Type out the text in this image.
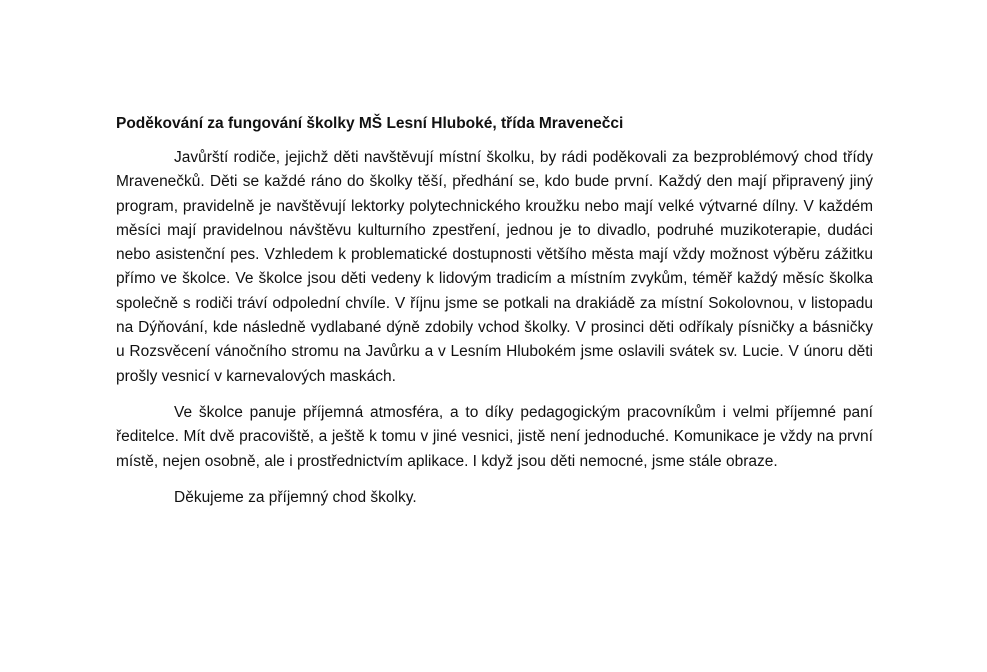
Poděkování za fungování školky MŠ Lesní Hluboké, třída Mravenečci

Javůrští rodiče, jejichž děti navštěvují místní školku, by rádi poděkovali za bezproblémový chod třídy Mravenečků. Děti se každé ráno do školky těší, předhání se, kdo bude první. Každý den mají připravený jiný program, pravidelně je navštěvují lektorky polytechnického kroužku nebo mají velké výtvarné dílny. V každém měsíci mají pravidelnou návštěvu kulturního zpestření, jednou je to divadlo, podruhé muzikoterapie, dudáci nebo asistenční pes. Vzhledem k problematické dostupnosti většího města mají vždy možnost výběru zážitku přímo ve školce. Ve školce jsou děti vedeny k lidovým tradicím a místním zvykům, téměř každý měsíc školka společně s rodiči tráví odpolední chvíle. V říjnu jsme se potkali na drakiádě za místní Sokolovnou, v listopadu na Dýňování, kde následně vydlabané dýně zdobily vchod školky. V prosinci děti odříkaly písničky a básničky u Rozsvěcení vánočního stromu na Javůrku a v Lesním Hlubokém jsme oslavili svátek sv. Lucie. V únoru děti prošly vesnicí v karnevalových maskách.

Ve školce panuje příjemná atmosféra, a to díky pedagogickým pracovníkům i velmi příjemné paní ředitelce. Mít dvě pracoviště, a ještě k tomu v jiné vesnici, jistě není jednoduché. Komunikace je vždy na první místě, nejen osobně, ale i prostřednictvím aplikace. I když jsou děti nemocné, jsme stále obraze.

Děkujeme za příjemný chod školky.
